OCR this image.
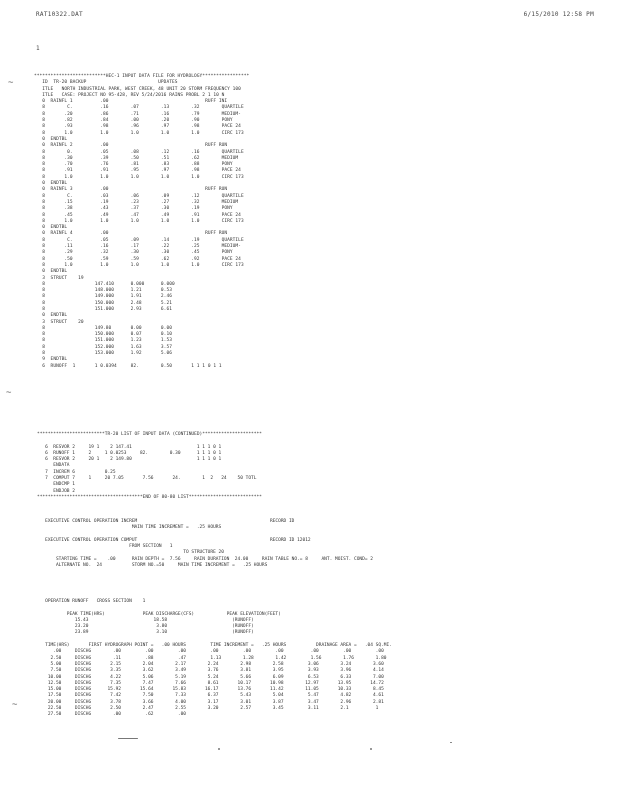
RAT10322.DAT	6/15/2010 12:58 PM
1
**************************HEC-1 INPUT DATA FILE FOR HYDROLOGY*****************
ID  TR-20 BACKUP                          UPDATES
ITLE   NORTH INDUSTRIAL PARK, WEST CREEK, 48 UNIT 20 STORM FREQUENCY 100
ITLE   CASE: PROJECT NO 95-428, REV 5/24/2016 RAINS PROBL 2 1 10 N
0  RAINFL 1          .00                                   RUFF INI
8        C.          .16        .07        .13        .32        QUARTILE
8       .20          .86        .71        .16        .79        MEDIUM-
8       .82          .84        .00        .20        .90        PONY
8       .93          .98        .96        .97        .98        PACE 24
8       1.0          1.0        1.0        1.0        1.0        CIRC 173
0  ENDTBL
0  RAINFL 2          .00                                   RUFF RUN
8        0.          .05        .08        .12        .16        QUARTILE
8       .30          .39        .50        .51        .62        MEDIUM
8       .70          .76        .81        .83        .88        PONY
8       .91          .91        .95        .97        .98        PACE 24
8       1.0          1.0        1.0        1.0        1.0        CIRC 173
0  ENDTBL
0  RAINFL 3          .00                                   RUFF RUN
8        C.          .03        .06        .09        .12        QUARTILE
8       .15          .19        .23        .27        .32        MEDIUM
8       .38          .43        .37        .30        .19        PONY
8       .45          .49        .47        .49        .91        PACE 24
8       1.0          1.0        1.0        1.0        1.0        CIRC 173
0  ENDTBL
0  RAINFL 4          .00                                   RUFF RUN
8        C.          .05        .09        .14        .19        QUARTILE
8       .11          .16        .17        .22        .25        MEDIUM-
8       .29          .32        .30        .30        .45        PONY
8       .50          .59        .59        .62        .92        PACE 24
8       1.0          1.0        1.0        1.0        1.0        CIRC 173
0  ENDTBL
3  STRUCT    19
8                  147.410      0.000      0.000
8                  148.000      1.21       0.53
8                  149.000      1.91       2.46
8                  150.000      2.48       5.21
8                  151.000      2.93       6.61
0  ENDTBL
3  STRUCT    20
8                  149.80       0.00       0.00
8                  150.000      0.07       0.10
8                  151.000      1.23       1.53
8                  152.000      1.63       3.57
8                  153.000      1.92       5.06
9  ENDTBL
6  RUNOFF  1       1 0.0394     82.        0.50       1 1 1 0 1 1
*************************TR-20 LIST OF INPUT DATA (CONTINUED)**********************
6  RESVOR 2     19 1    2 147.41                        1 1 1 0 1
6  RUNOFF 1     2     1 0.0253     82.        0.30      1 1 1 0 1
6  RESVOR 2     20 1    2 149.80                        1 1 1 0 1
ENDATA
7  INCREM 6           0.25
7  COMPUT 7     1     20 7.05       7.56       24.        1  2   24    50 TOTL
ENDCMP 1
ENDJOB 2
***************************************END OF 80-80 LIST***************************
EXECUTIVE CONTROL OPERATION INCREM                                                 RECORD ID
MAIN TIME INCREMENT =   .25 HOURS
EXECUTIVE CONTROL OPERATION COMPUT                                                 RECORD ID 12012
FROM SECTION   1
TO STRUCTURE 20
STARTING TIME =    .00      RAIN DEPTH =  7.56     RAIN DURATION  24.00     RAIN TABLE NO.= 8     ANT. MOIST. COND= 2
ALTERNATE NO.  24           STORM NO.=50     MAIN TIME INCREMENT =   .25 HOURS
OPERATION RUNOFF   CROSS SECTION    1
PEAK TIME(HRS)              PEAK DISCHARGE(CFS)            PEAK ELEVATION(FEET)
15.43                        18.58                        (RUNOFF)
23.20                         3.80                        (RUNOFF)
23.89                         3.10                        (RUNOFF)
TIME(HRS)       FIRST HYDROGRAPH POINT =   .00 HOURS         TIME INCREMENT =   .25 HOURS           DRAINAGE AREA =   .04 SQ.MI.
.00     DISCHG        .00         .00         .00         .00         .00         .00          .00         .00         .00
2.50     DISCHG        .11         .88         .47         1.13        1.28        1.42         1.56        1.76        1.80
5.00     DISCHG       2.15        2.04        2.17        2.24        2.98        2.58         3.06        3.24        3.60
7.50     DISCHG       3.35        3.62        3.49        3.76        3.81        3.95         3.93        3.96        4.14
10.00     DISCHG       4.22        5.06        5.19        5.24        5.66        6.09         6.53        6.33        7.00
12.50     DISCHG       7.35        7.47        7.66        8.61       10.17       10.98        12.97       13.95       14.72
15.00     DISCHG      15.92       15.64       15.83       16.17       13.76       11.42        11.05       10.33        8.45
17.50     DISCHG       7.42        7.50        7.33        6.37        5.43        5.04         5.47        4.82        4.61
20.00     DISCHG       3.78        3.66        4.00        3.17        3.01        3.87         3.47        2.96        2.81
22.50     DISCHG       2.50        2.47        2.55        3.20        2.57        3.45         3.11        2.1          1
27.50     DISCHG        .00         .62         .00
~
~
~
